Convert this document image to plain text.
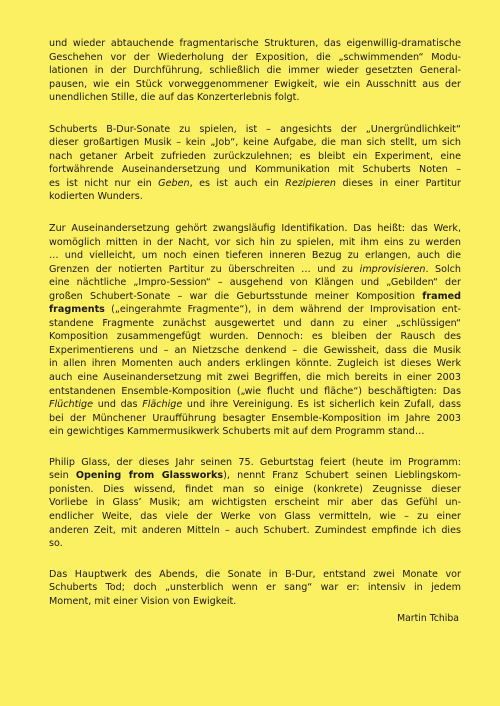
und wieder abtauchende fragmentarische Strukturen, das eigenwillig-dramatische
Geschehen vor der Wiederholung der Exposition, die „schwimmenden“ Modu-
lationen in der Durchführung, schließlich die immer wieder gesetzten General-
pausen, wie ein Stück vorweggenommener Ewigkeit, wie ein Ausschnitt aus der
unendlichen Stille, die auf das Konzerterlebnis folgt.

Schuberts B-Dur-Sonate zu spielen, ist – angesichts der „Unergründlichkeit“
dieser großartigen Musik – kein „Job“, keine Aufgabe, die man sich stellt, um sich
nach getaner Arbeit zufrieden zurückzulehnen; es bleibt ein Experiment, eine
fortwährende Auseinandersetzung und Kommunikation mit Schuberts Noten –
es ist nicht nur ein Geben, es ist auch ein Rezipieren dieses in einer Partitur
kodierten Wunders.

Zur Auseinandersetzung gehört zwangsläufig Identifikation. Das heißt: das Werk,
womöglich mitten in der Nacht, vor sich hin zu spielen, mit ihm eins zu werden
… und vielleicht, um noch einen tieferen inneren Bezug zu erlangen, auch die
Grenzen der notierten Partitur zu überschreiten … und zu improvisieren. Solch
eine nächtliche „Impro-Session“ – ausgehend von Klängen und „Gebilden“ der
großen Schubert-Sonate – war die Geburtsstunde meiner Komposition framed
fragments („eingerahmte Fragmente“), in dem während der Improvisation ent-
standene Fragmente zunächst ausgewertet und dann zu einer „schlüssigen“
Komposition zusammengefügt wurden. Dennoch: es bleiben der Rausch des
Experimentierens und – an Nietzsche denkend – die Gewissheit, dass die Musik
in allen ihren Momenten auch anders erklingen könnte. Zugleich ist dieses Werk
auch eine Auseinandersetzung mit zwei Begriffen, die mich bereits in einer 2003
entstandenen Ensemble-Komposition („wie flucht und fläche“) beschäftigten: Das
Flüchtige und das Flächige und ihre Vereinigung. Es ist sicherlich kein Zufall, dass
bei der Münchener Uraufführung besagter Ensemble-Komposition im Jahre 2003
ein gewichtiges Kammermusikwerk Schuberts mit auf dem Programm stand…

Philip Glass, der dieses Jahr seinen 75. Geburtstag feiert (heute im Programm:
sein Opening from Glassworks), nennt Franz Schubert seinen Lieblingskom-
ponisten. Dies wissend, findet man so einige (konkrete) Zeugnisse dieser
Vorliebe in Glass’ Musik; am wichtigsten erscheint mir aber das Gefühl un-
endlicher Weite, das viele der Werke von Glass vermitteln, wie – zu einer
anderen Zeit, mit anderen Mitteln – auch Schubert. Zumindest empfinde ich dies
so.

Das Hauptwerk des Abends, die Sonate in B-Dur, entstand zwei Monate vor
Schuberts Tod; doch „unsterblich wenn er sang“ war er: intensiv in jedem
Moment, mit einer Vision von Ewigkeit.

Martin Tchiba
